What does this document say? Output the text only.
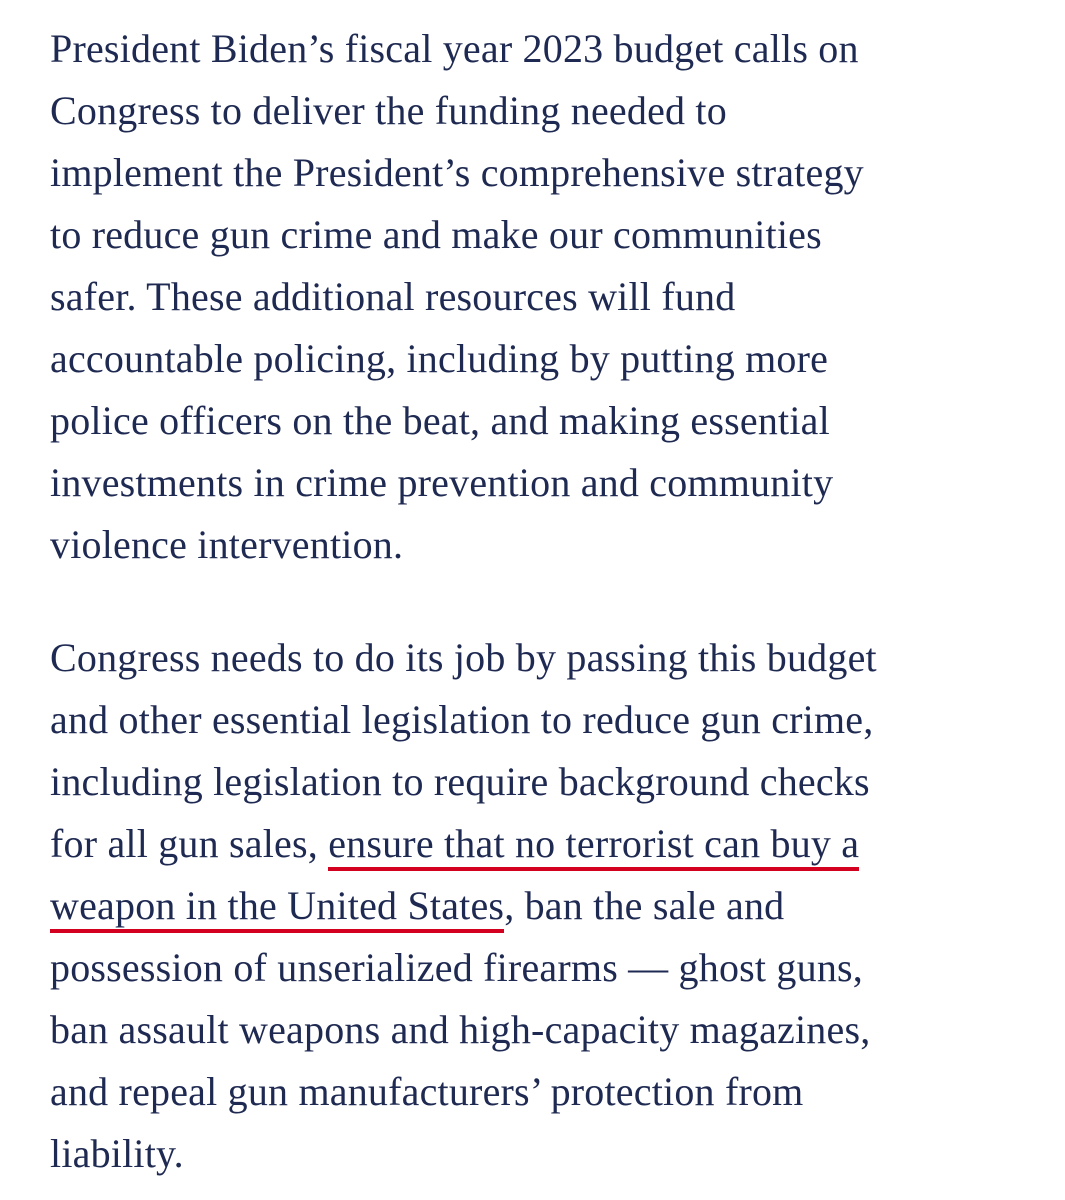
President Biden’s fiscal year 2023 budget calls on
Congress to deliver the funding needed to
implement the President’s comprehensive strategy
to reduce gun crime and make our communities
safer. These additional resources will fund
accountable policing, including by putting more
police officers on the beat, and making essential
investments in crime prevention and community
violence intervention.

Congress needs to do its job by passing this budget
and other essential legislation to reduce gun crime,
including legislation to require background checks
for all gun sales, ensure that no terrorist can buy a
weapon in the United States, ban the sale and
possession of unserialized firearms — ghost guns,
ban assault weapons and high-capacity magazines,
and repeal gun manufacturers’ protection from
liability.
